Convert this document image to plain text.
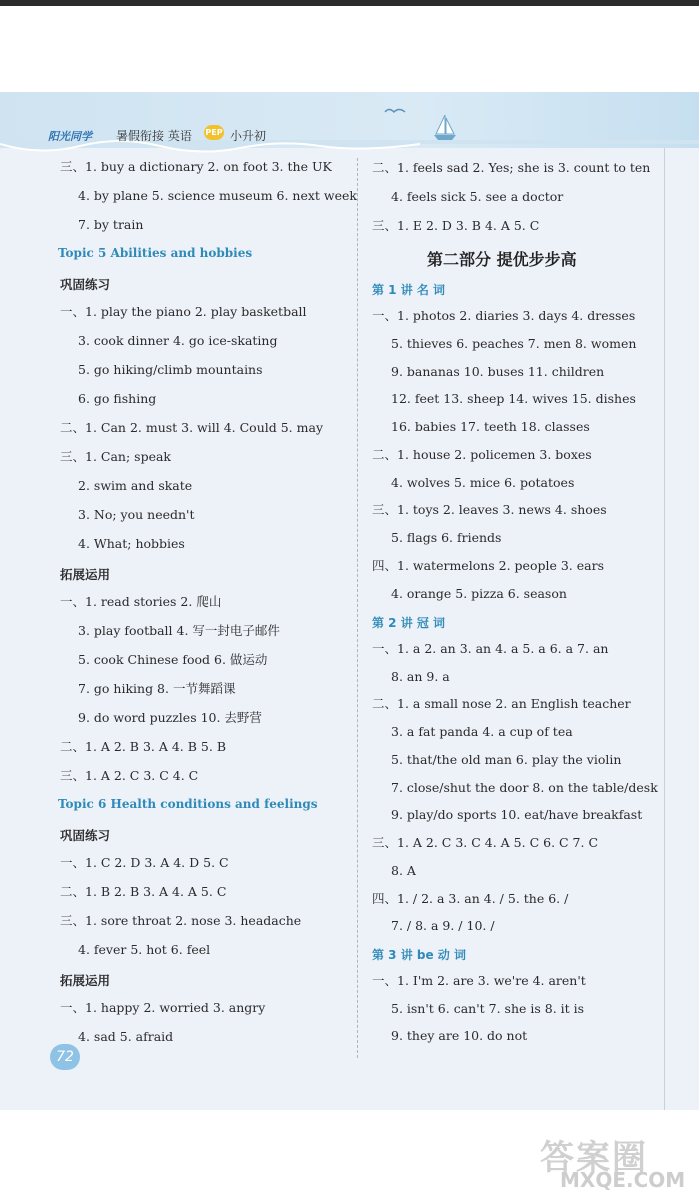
阳光同学 暑假衔接 英语 PEP 小升初
三、1. buy a dictionary 2. on foot 3. the UK
4. by plane 5. science museum 6. next week
7. by train
Topic 5 Abilities and hobbies
巩固练习
一、1. play the piano 2. play basketball
3. cook dinner 4. go ice-skating
5. go hiking/climb mountains
6. go fishing
二、1. Can 2. must 3. will 4. Could 5. may
三、1. Can; speak
2. swim and skate
3. No; you needn't
4. What; hobbies
拓展运用
一、1. read stories 2. 爬山
3. play football 4. 写一封电子邮件
5. cook Chinese food 6. 做运动
7. go hiking 8. 一节舞蹈课
9. do word puzzles 10. 去野营
二、1. A 2. B 3. A 4. B 5. B
三、1. A 2. C 3. C 4. C
Topic 6 Health conditions and feelings
巩固练习
一、1. C 2. D 3. A 4. D 5. C
二、1. B 2. B 3. A 4. A 5. C
三、1. sore throat 2. nose 3. headache
4. fever 5. hot 6. feel
拓展运用
一、1. happy 2. worried 3. angry
4. sad 5. afraid
二、1. feels sad 2. Yes; she is 3. count to ten
4. feels sick 5. see a doctor
三、1. E 2. D 3. B 4. A 5. C
第二部分 提优步步高
第 1 讲 名 词
一、1. photos 2. diaries 3. days 4. dresses
5. thieves 6. peaches 7. men 8. women
9. bananas 10. buses 11. children
12. feet 13. sheep 14. wives 15. dishes
16. babies 17. teeth 18. classes
二、1. house 2. policemen 3. boxes
4. wolves 5. mice 6. potatoes
三、1. toys 2. leaves 3. news 4. shoes
5. flags 6. friends
四、1. watermelons 2. people 3. ears
4. orange 5. pizza 6. season
第 2 讲 冠 词
一、1. a 2. an 3. an 4. a 5. a 6. a 7. an
8. an 9. a
二、1. a small nose 2. an English teacher
3. a fat panda 4. a cup of tea
5. that/the old man 6. play the violin
7. close/shut the door 8. on the table/desk
9. play/do sports 10. eat/have breakfast
三、1. A 2. C 3. C 4. A 5. C 6. C 7. C
8. A
四、1. / 2. a 3. an 4. / 5. the 6. /
7. / 8. a 9. / 10. /
第 3 讲 be 动 词
一、1. I'm 2. are 3. we're 4. aren't
5. isn't 6. can't 7. she is 8. it is
9. they are 10. do not
72
答案圈
MXQE.COM
